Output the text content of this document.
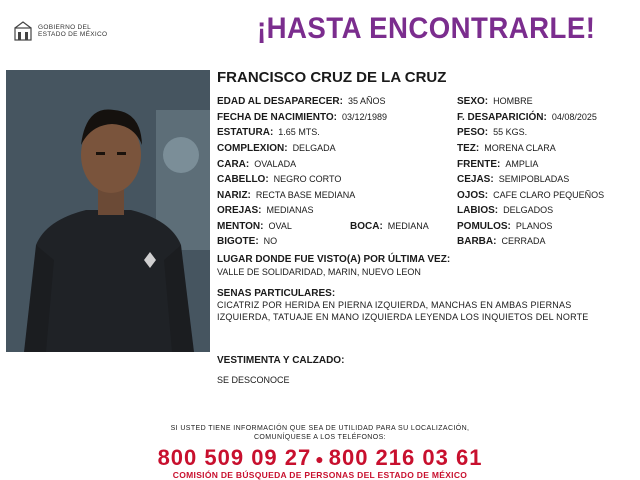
GOBIERNO DEL
ESTADO DE MÉXICO	¡HASTA ENCONTRARLE!
FRANCISCO CRUZ DE LA CRUZ
EDAD AL DESAPARECER: 35 AÑOS
FECHA DE NACIMIENTO: 03/12/1989
ESTATURA: 1.65 MTS.
COMPLEXION: DELGADA
CARA: OVALADA
CABELLO: NEGRO CORTO
NARIZ: RECTA BASE MEDIANA
OREJAS: MEDIANAS
MENTON: OVAL	BOCA: MEDIANA
BIGOTE: NO
SEXO: HOMBRE
F. DESAPARICIÓN: 04/08/2025
PESO: 55 KGS.
TEZ: MORENA CLARA
FRENTE: AMPLIA
CEJAS: SEMIPOBLADAS
OJOS: CAFE CLARO PEQUEÑOS
LABIOS: DELGADOS
POMULOS: PLANOS
BARBA: CERRADA
LUGAR DONDE FUE VISTO(A) POR ÚLTIMA VEZ:
VALLE DE SOLIDARIDAD, MARIN, NUEVO LEON
SENAS PARTICULARES:
CICATRIZ POR HERIDA EN PIERNA IZQUIERDA, MANCHAS EN AMBAS PIERNAS IZQUIERDA, TATUAJE EN MANO IZQUIERDA LEYENDA LOS INQUIETOS DEL NORTE
VESTIMENTA Y CALZADO:
SE DESCONOCE
SI USTED TIENE INFORMACIÓN QUE SEA DE UTILIDAD PARA SU LOCALIZACIÓN,
COMUNÍQUESE A LOS TELÉFONOS:
800 509 09 27 ● 800 216 03 61
COMISIÓN DE BÚSQUEDA DE PERSONAS DEL ESTADO DE MÉXICO
